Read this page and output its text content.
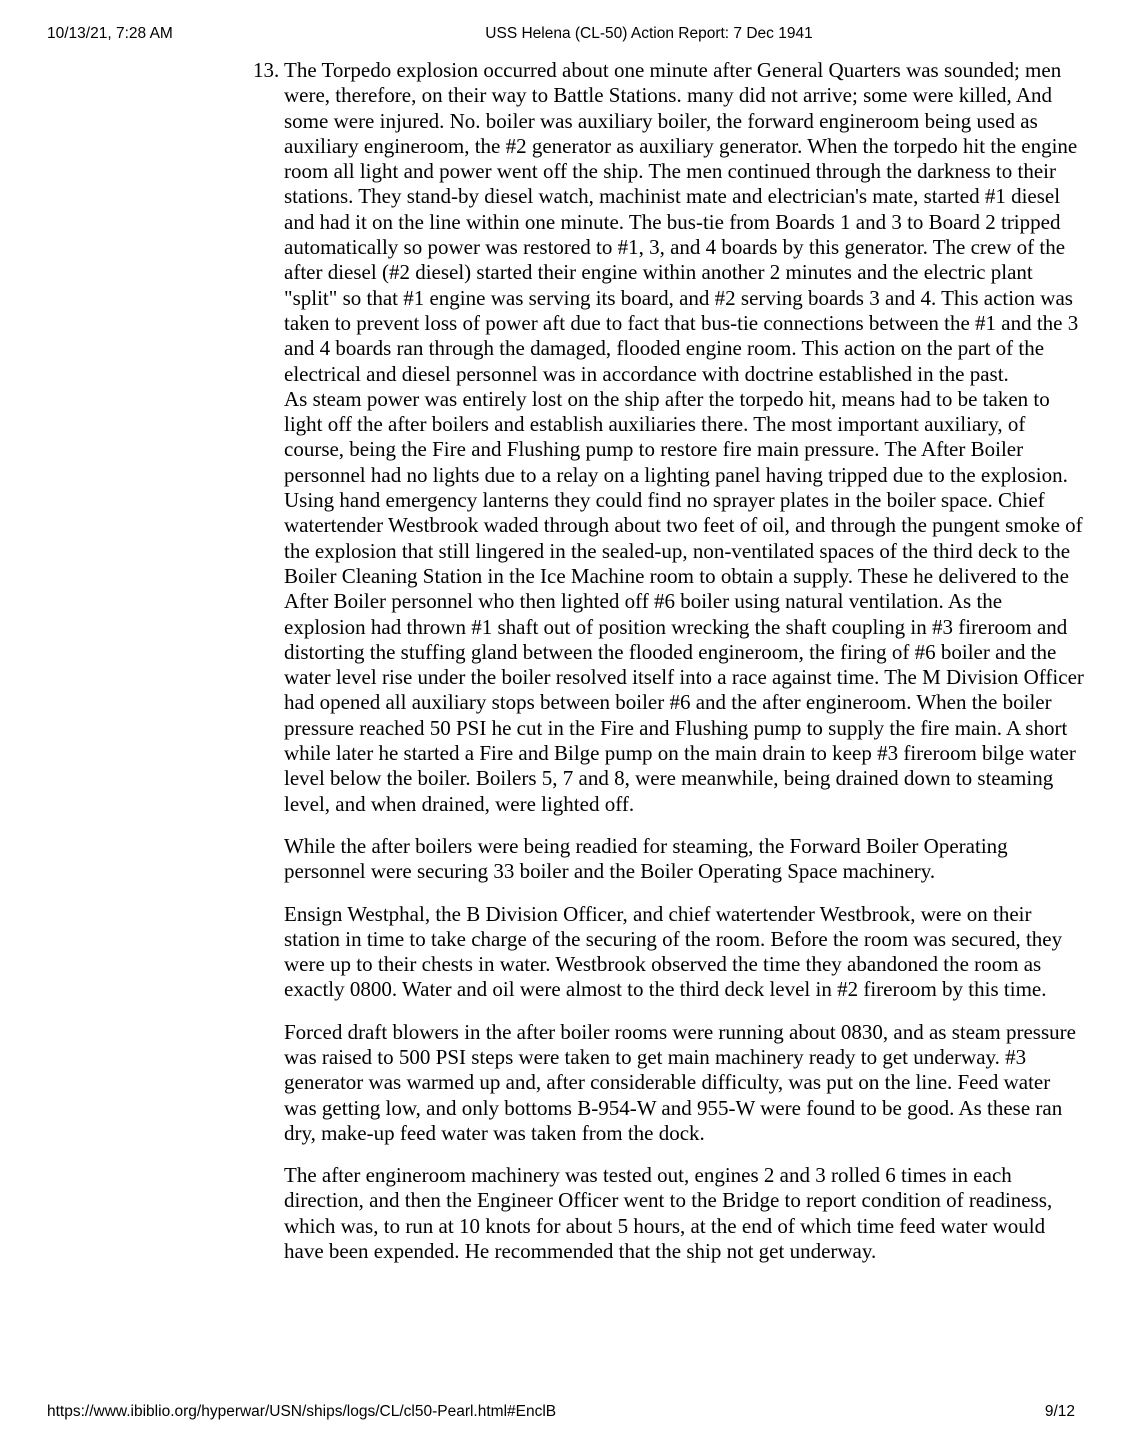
10/13/21, 7:28 AM	USS Helena (CL-50) Action Report: 7 Dec 1941
13. The Torpedo explosion occurred about one minute after General Quarters was sounded; men were, therefore, on their way to Battle Stations. many did not arrive; some were killed, And some were injured. No. boiler was auxiliary boiler, the forward engineroom being used as auxiliary engineroom, the #2 generator as auxiliary generator. When the torpedo hit the engine room all light and power went off the ship. The men continued through the darkness to their stations. They stand-by diesel watch, machinist mate and electrician's mate, started #1 diesel and had it on the line within one minute. The bus-tie from Boards 1 and 3 to Board 2 tripped automatically so power was restored to #1, 3, and 4 boards by this generator. The crew of the after diesel (#2 diesel) started their engine within another 2 minutes and the electric plant "split" so that #1 engine was serving its board, and #2 serving boards 3 and 4. This action was taken to prevent loss of power aft due to fact that bus-tie connections between the #1 and the 3 and 4 boards ran through the damaged, flooded engine room. This action on the part of the electrical and diesel personnel was in accordance with doctrine established in the past.

As steam power was entirely lost on the ship after the torpedo hit, means had to be taken to light off the after boilers and establish auxiliaries there. The most important auxiliary, of course, being the Fire and Flushing pump to restore fire main pressure. The After Boiler personnel had no lights due to a relay on a lighting panel having tripped due to the explosion. Using hand emergency lanterns they could find no sprayer plates in the boiler space. Chief watertender Westbrook waded through about two feet of oil, and through the pungent smoke of the explosion that still lingered in the sealed-up, non-ventilated spaces of the third deck to the Boiler Cleaning Station in the Ice Machine room to obtain a supply. These he delivered to the After Boiler personnel who then lighted off #6 boiler using natural ventilation. As the explosion had thrown #1 shaft out of position wrecking the shaft coupling in #3 fireroom and distorting the stuffing gland between the flooded engineroom, the firing of #6 boiler and the water level rise under the boiler resolved itself into a race against time. The M Division Officer had opened all auxiliary stops between boiler #6 and the after engineroom. When the boiler pressure reached 50 PSI he cut in the Fire and Flushing pump to supply the fire main. A short while later he started a Fire and Bilge pump on the main drain to keep #3 fireroom bilge water level below the boiler. Boilers 5, 7 and 8, were meanwhile, being drained down to steaming level, and when drained, were lighted off.

While the after boilers were being readied for steaming, the Forward Boiler Operating personnel were securing 33 boiler and the Boiler Operating Space machinery.

Ensign Westphal, the B Division Officer, and chief watertender Westbrook, were on their station in time to take charge of the securing of the room. Before the room was secured, they were up to their chests in water. Westbrook observed the time they abandoned the room as exactly 0800. Water and oil were almost to the third deck level in #2 fireroom by this time.

Forced draft blowers in the after boiler rooms were running about 0830, and as steam pressure was raised to 500 PSI steps were taken to get main machinery ready to get underway. #3 generator was warmed up and, after considerable difficulty, was put on the line. Feed water was getting low, and only bottoms B-954-W and 955-W were found to be good. As these ran dry, make-up feed water was taken from the dock.

The after engineroom machinery was tested out, engines 2 and 3 rolled 6 times in each direction, and then the Engineer Officer went to the Bridge to report condition of readiness, which was, to run at 10 knots for about 5 hours, at the end of which time feed water would have been expended. He recommended that the ship not get underway.

https://www.ibiblio.org/hyperwar/USN/ships/logs/CL/cl50-Pearl.html#EnclB	9/12
